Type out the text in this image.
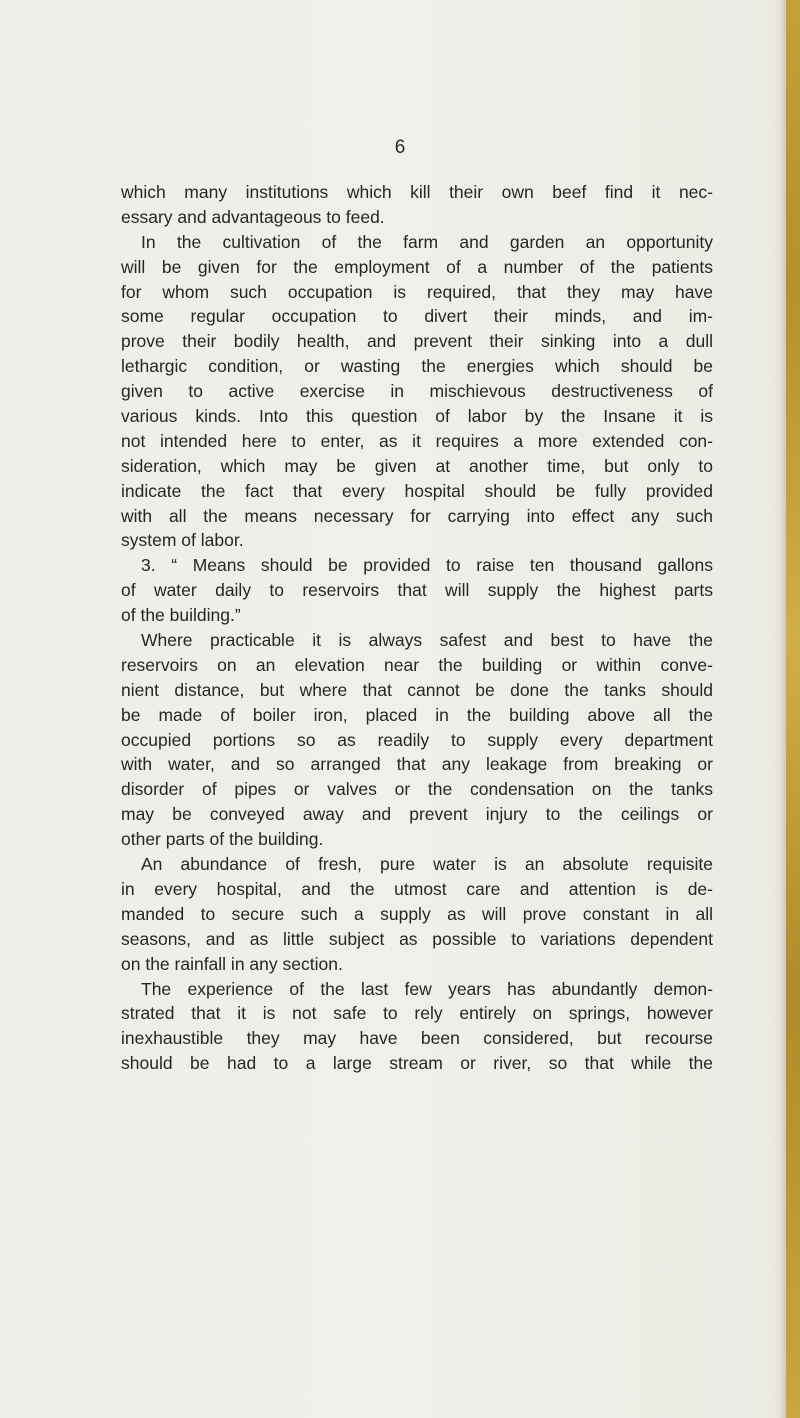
6
which many institutions which kill their own beef find it nec-
essary and advantageous to feed.
In the cultivation of the farm and garden an opportunity
will be given for the employment of a number of the patients
for whom such occupation is required, that they may have
some regular occupation to divert their minds, and im-
prove their bodily health, and prevent their sinking into a dull
lethargic condition, or wasting the energies which should be
given to active exercise in mischievous destructiveness of
various kinds. Into this question of labor by the Insane it is
not intended here to enter, as it requires a more extended con-
sideration, which may be given at another time, but only to
indicate the fact that every hospital should be fully provided
with all the means necessary for carrying into effect any such
system of labor.
3. “ Means should be provided to raise ten thousand gallons
of water daily to reservoirs that will supply the highest parts
of the building.”
Where practicable it is always safest and best to have the
reservoirs on an elevation near the building or within conve-
nient distance, but where that cannot be done the tanks should
be made of boiler iron, placed in the building above all the
occupied portions so as readily to supply every department
with water, and so arranged that any leakage from breaking or
disorder of pipes or valves or the condensation on the tanks
may be conveyed away and prevent injury to the ceilings or
other parts of the building.
An abundance of fresh, pure water is an absolute requisite
in every hospital, and the utmost care and attention is de-
manded to secure such a supply as will prove constant in all
seasons, and as little subject as possible to variations dependent
on the rainfall in any section.
The experience of the last few years has abundantly demon-
strated that it is not safe to rely entirely on springs, however
inexhaustible they may have been considered, but recourse
should be had to a large stream or river, so that while the
